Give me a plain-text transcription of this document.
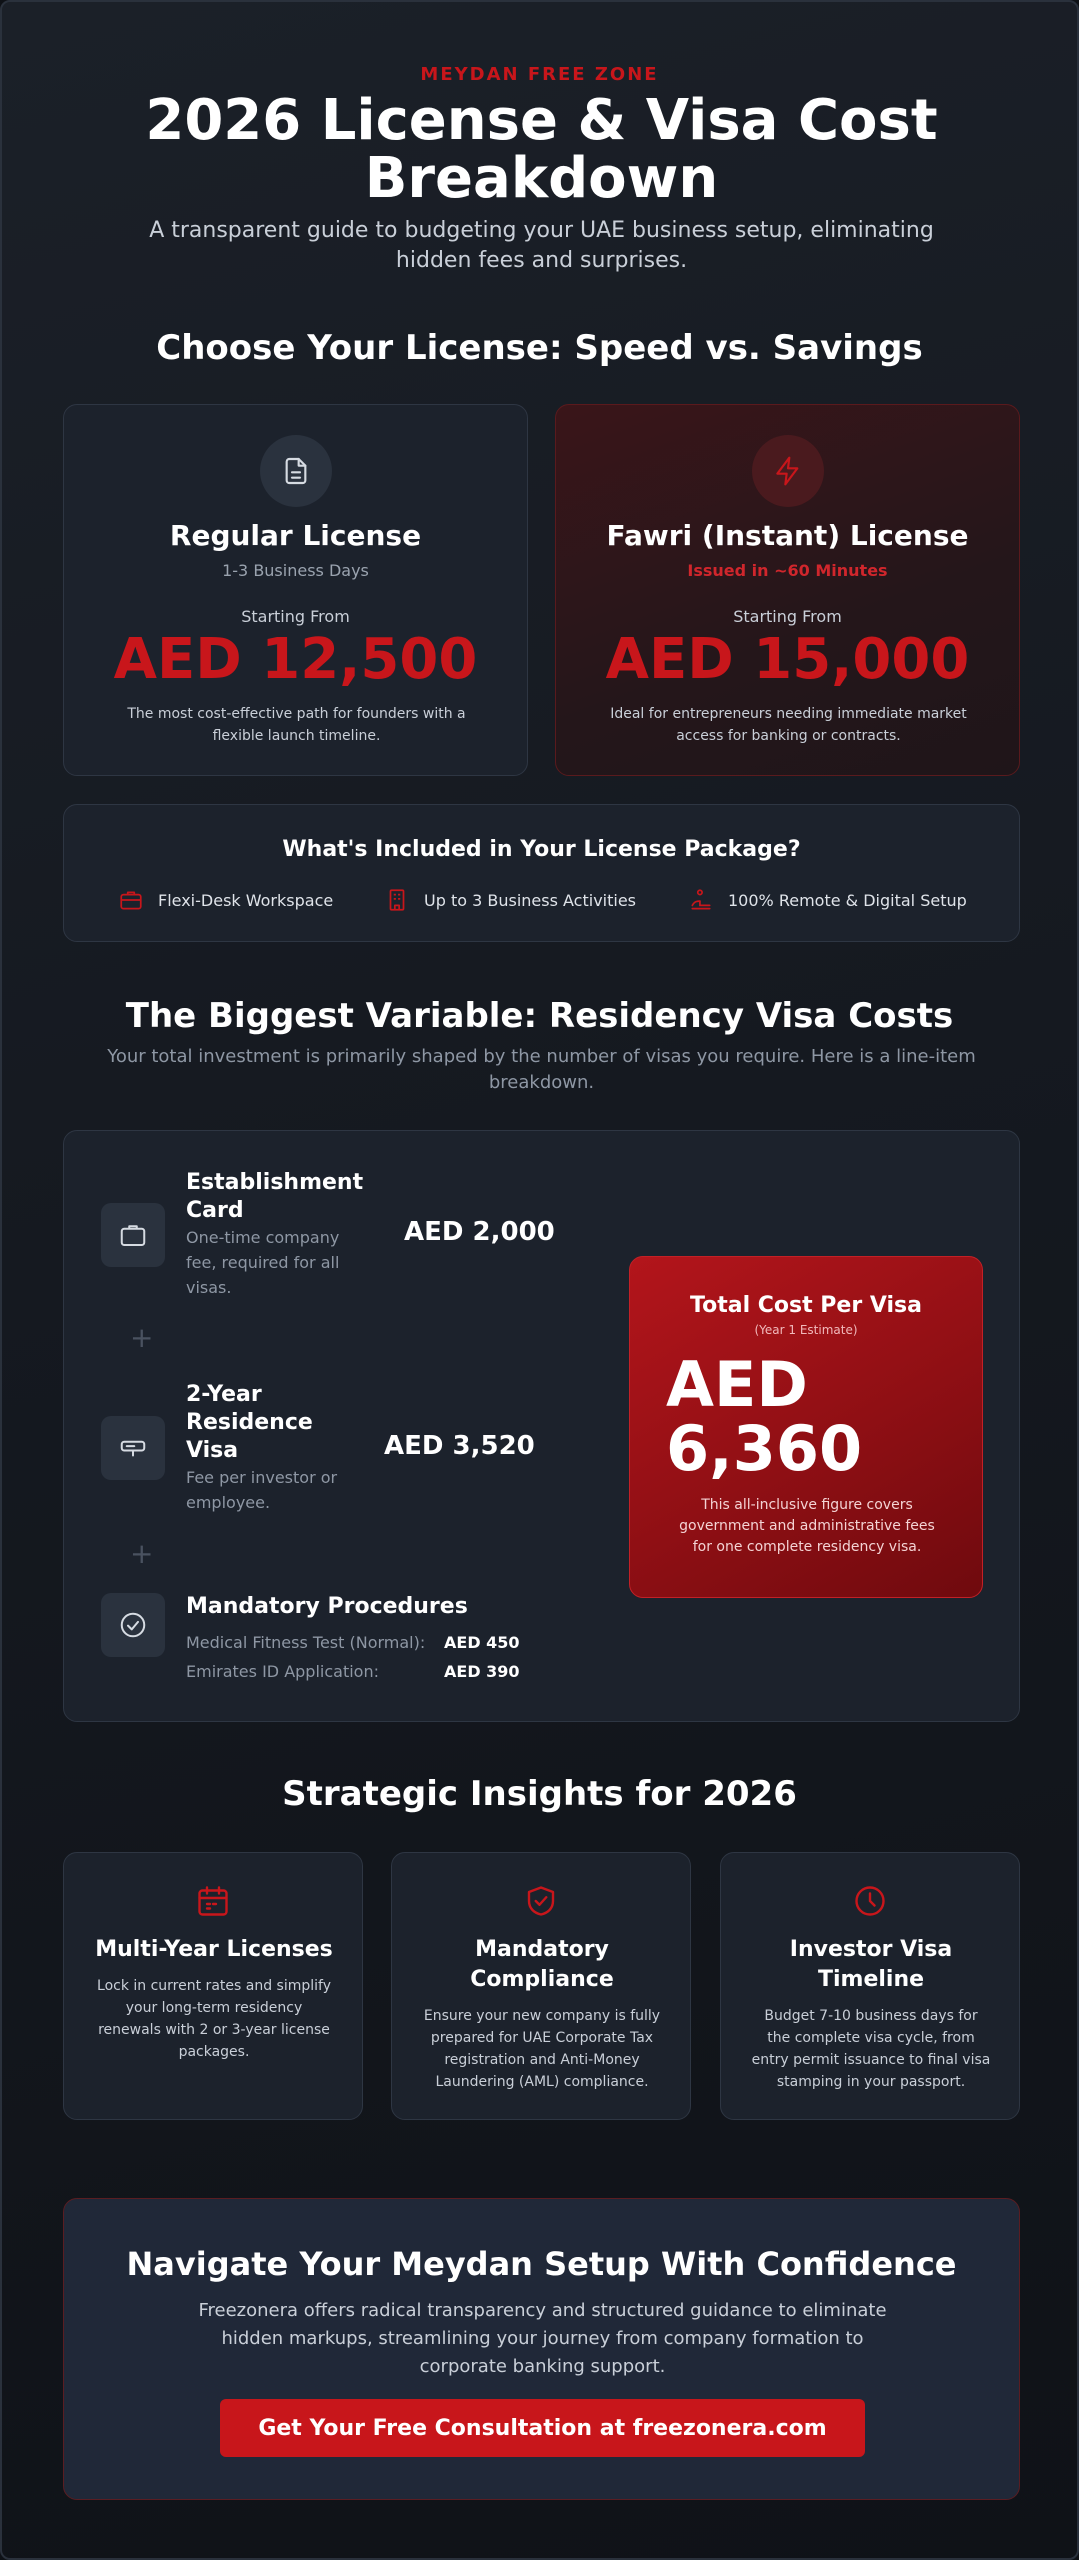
MEYDAN FREE ZONE
2026 License & Visa Cost Breakdown

A transparent guide to budgeting your UAE business setup, eliminating hidden fees and surprises.

Choose Your License: Speed vs. Savings
Regular License
1-3 Business Days
Starting From
AED 12,500
The most cost-effective path for founders with a flexible launch timeline.
Fawri (Instant) License
Issued in ~60 Minutes
Starting From
AED 15,000
Ideal for entrepreneurs needing immediate market access for banking or contracts.
What's Included in Your License Package?
Flexi-Desk Workspace	Up to 3 Business Activities	100% Remote & Digital Setup
The Biggest Variable: Residency Visa Costs

Your total investment is primarily shaped by the number of visas you require. Here is a line-item breakdown.

Establishment Card
One-time company fee, required for all visas.
AED 2,000
+
2-Year Residence Visa
Fee per investor or employee.
AED 3,520
+
Mandatory Procedures
Medical Fitness Test (Normal): AED 450
Emirates ID Application:	AED 390
Total Cost Per Visa
(Year 1 Estimate)
AED 6,360
This all-inclusive figure covers government and administrative fees for one complete residency visa.
Strategic Insights for 2026
Multi-Year Licenses
Lock in current rates and simplify your long-term residency renewals with 2 or 3-year license packages.
Mandatory Compliance
Ensure your new company is fully prepared for UAE Corporate Tax registration and Anti-Money Laundering (AML) compliance.
Investor Visa Timeline
Budget 7-10 business days for the complete visa cycle, from entry permit issuance to final visa stamping in your passport.
Navigate Your Meydan Setup With Confidence
Freezonera offers radical transparency and structured guidance to eliminate hidden markups, streamlining your journey from company formation to corporate banking support.
Get Your Free Consultation at freezonera.com
